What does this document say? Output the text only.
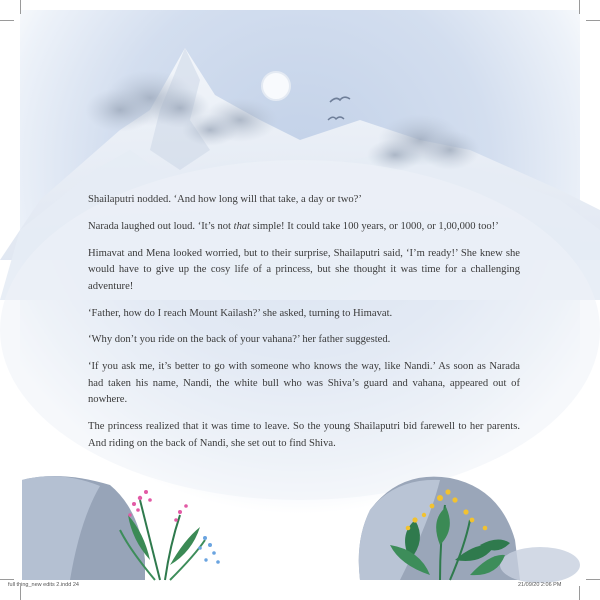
Shailaputri nodded. ‘And how long will that take, a day or two?’

Narada laughed out loud. ‘It’s not that simple! It could take 100 years, or 1000, or 1,00,000 too!’

Himavat and Mena looked worried, but to their surprise, Shailaputri said, ‘I’m ready!’ She knew she would have to give up the cosy life of a princess, but she thought it was time for a challenging adventure!

‘Father, how do I reach Mount Kailash?’ she asked, turning to Himavat.

‘Why don’t you ride on the back of your vahana?’ her father suggested.

‘If you ask me, it’s better to go with someone who knows the way, like Nandi.’ As soon as Narada had taken his name, Nandi, the white bull who was Shiva’s guard and vahana, appeared out of nowhere.

The princess realized that it was time to leave. So the young Shailaputri bid farewell to her parents. And riding on the back of Nandi, she set out to find Shiva.

full thing_new edits 2.indd 24	21/09/20 2:06 PM
